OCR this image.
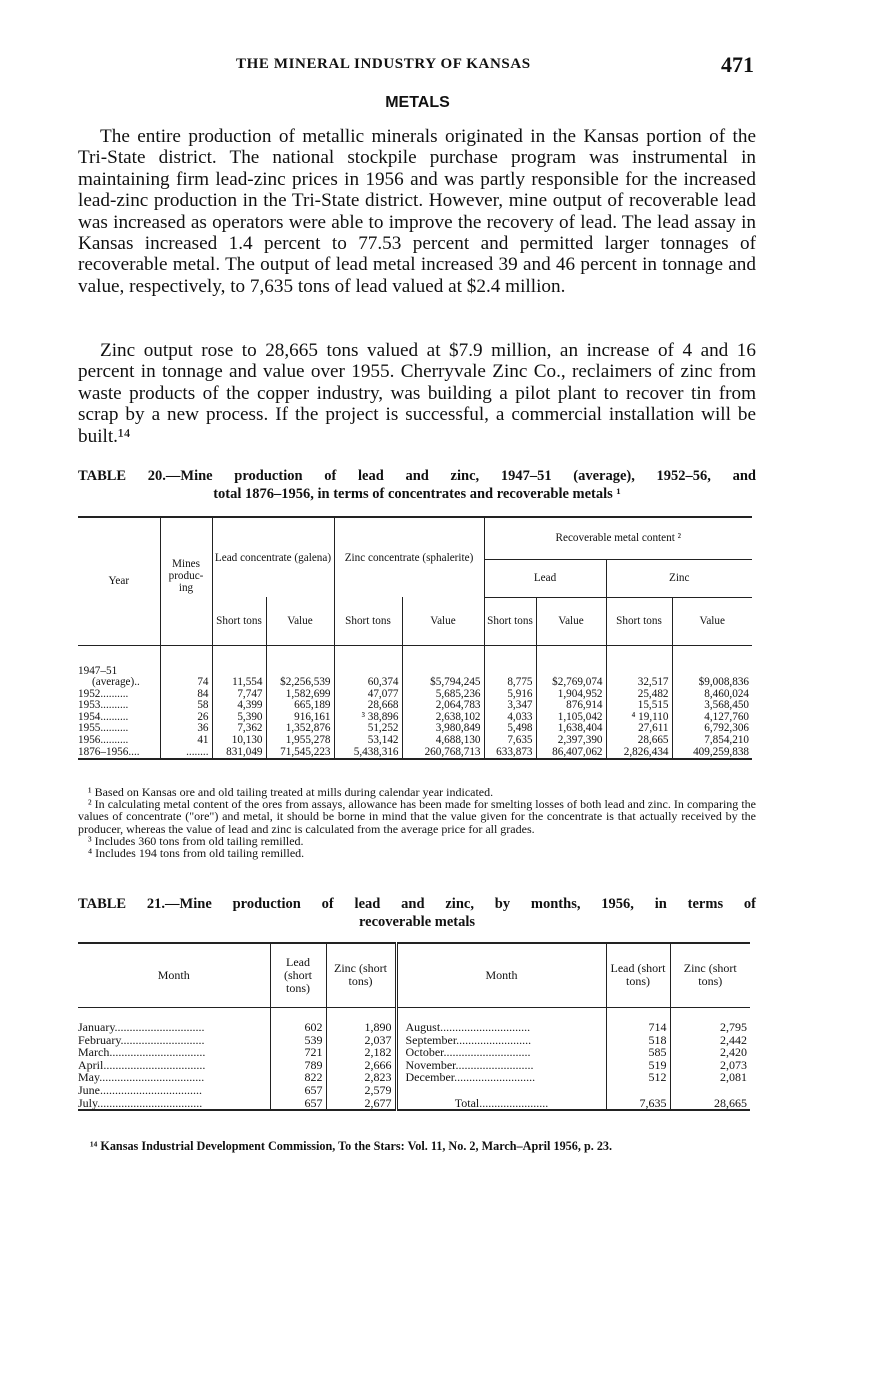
THE MINERAL INDUSTRY OF KANSAS	471
METALS

The entire production of metallic minerals originated in the Kansas portion of the Tri-State district. The national stockpile purchase program was instrumental in maintaining firm lead-zinc prices in 1956 and was partly responsible for the increased lead-zinc production in the Tri-State district. However, mine output of recoverable lead was increased as operators were able to improve the recovery of lead. The lead assay in Kansas increased 1.4 percent to 77.53 percent and permitted larger tonnages of recoverable metal. The output of lead metal increased 39 and 46 percent in tonnage and value, respectively, to 7,635 tons of lead valued at $2.4 million.

Zinc output rose to 28,665 tons valued at $7.9 million, an increase of 4 and 16 percent in tonnage and value over 1955. Cherryvale Zinc Co., reclaimers of zinc from waste products of the copper industry, was building a pilot plant to recover tin from scrap by a new process. If the project is successful, a commercial installation will be built.¹⁴

TABLE 20.—Mine production of lead and zinc, 1947–51 (average), 1952–56, and
total 1876–1956, in terms of concentrates and recoverable metals ¹
Year	Mines produc-ing	Lead concentrate (galena)		Zinc concentrate (sphalerite)		Recoverable metal content ²			
						Lead		Zinc	
		Short tons	Value	Short tons	Value	Short tons	Value	Short tons	Value

1947–51									
(average)..	74	11,554	$2,256,539	60,374	$5,794,245	8,775	$2,769,074	32,517	$9,008,836
1952..........	84	7,747	1,582,699	47,077	5,685,236	5,916	1,904,952	25,482	8,460,024
1953..........	58	4,399	665,189	28,668	2,064,783	3,347	876,914	15,515	3,568,450
1954..........	26	5,390	916,161	³ 38,896	2,638,102	4,033	1,105,042	⁴ 19,110	4,127,760
1955..........	36	7,362	1,352,876	51,252	3,980,849	5,498	1,638,404	27,611	6,792,306
1956..........	41	10,130	1,955,278	53,142	4,688,130	7,635	2,397,390	28,665	7,854,210
1876–1956....	........	831,049	71,545,223	5,438,316	260,768,713	633,873	86,407,062	2,826,434	409,259,838
¹ Based on Kansas ore and old tailing treated at mills during calendar year indicated.
² In calculating metal content of the ores from assays, allowance has been made for smelting losses of both lead and zinc. In comparing the values of concentrate ("ore") and metal, it should be borne in mind that the value given for the concentrate is that actually received by the producer, whereas the value of lead and zinc is calculated from the average price for all grades.
³ Includes 360 tons from old tailing remilled.
⁴ Includes 194 tons from old tailing remilled.
TABLE 21.—Mine production of lead and zinc, by months, 1956, in terms of
recoverable metals
Month	Lead (short tons)	Zinc (short tons)	Month	Lead (short tons)	Zinc (short tons)

January..............................	602	1,890	August..............................	714	2,795
February............................	539	2,037	September.........................	518	2,442
March................................	721	2,182	October.............................	585	2,420
April..................................	789	2,666	November..........................	519	2,073
May...................................	822	2,823	December...........................	512	2,081
June..................................	657	2,579			
July...................................	657	2,677	Total.......................	7,635	28,665
¹⁴ Kansas Industrial Development Commission, To the Stars: Vol. 11, No. 2, March–April 1956, p. 23.
